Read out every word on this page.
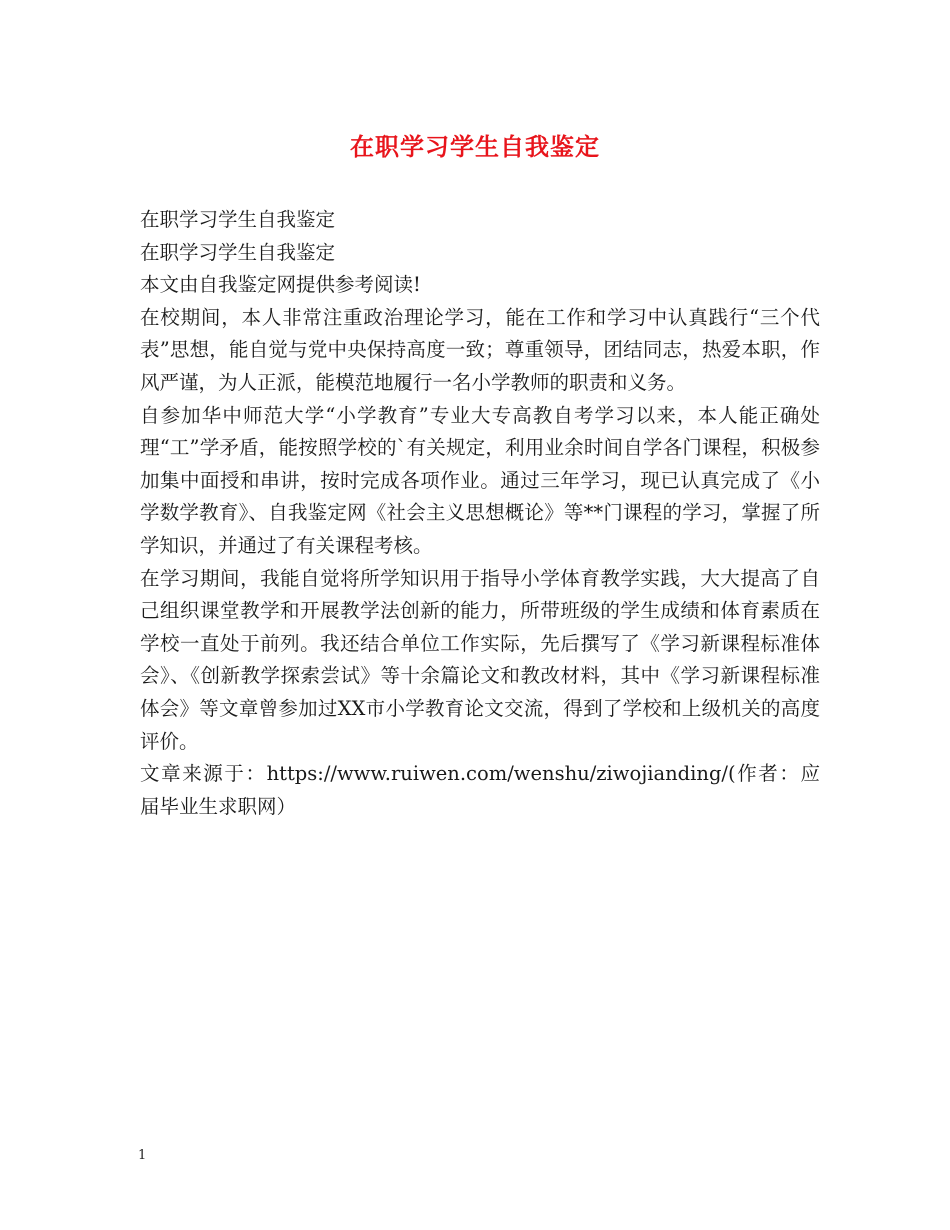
在职学习学生自我鉴定

在职学习学生自我鉴定

在职学习学生自我鉴定

本文由自我鉴定网提供参考阅读!

在校期间，本人非常注重政治理论学习，能在工作和学习中认真践行“三个代表”思想，能自觉与党中央保持高度一致；尊重领导，团结同志，热爱本职，作风严谨，为人正派，能模范地履行一名小学教师的职责和义务。

自参加华中师范大学“小学教育”专业大专高教自考学习以来，本人能正确处理“工”学矛盾，能按照学校的`有关规定，利用业余时间自学各门课程，积极参加集中面授和串讲，按时完成各项作业。通过三年学习，现已认真完成了《小学数学教育》、自我鉴定网《社会主义思想概论》等**门课程的学习，掌握了所学知识，并通过了有关课程考核。

在学习期间，我能自觉将所学知识用于指导小学体育教学实践，大大提高了自己组织课堂教学和开展教学法创新的能力，所带班级的学生成绩和体育素质在学校一直处于前列。我还结合单位工作实际，先后撰写了《学习新课程标准体会》、《创新教学探索尝试》等十余篇论文和教改材料，其中《学习新课程标准体会》等文章曾参加过XX市小学教育论文交流，得到了学校和上级机关的高度评价。

文章来源于：https://www.ruiwen.com/wenshu/ziwojianding/(作者：应届毕业生求职网）

1
